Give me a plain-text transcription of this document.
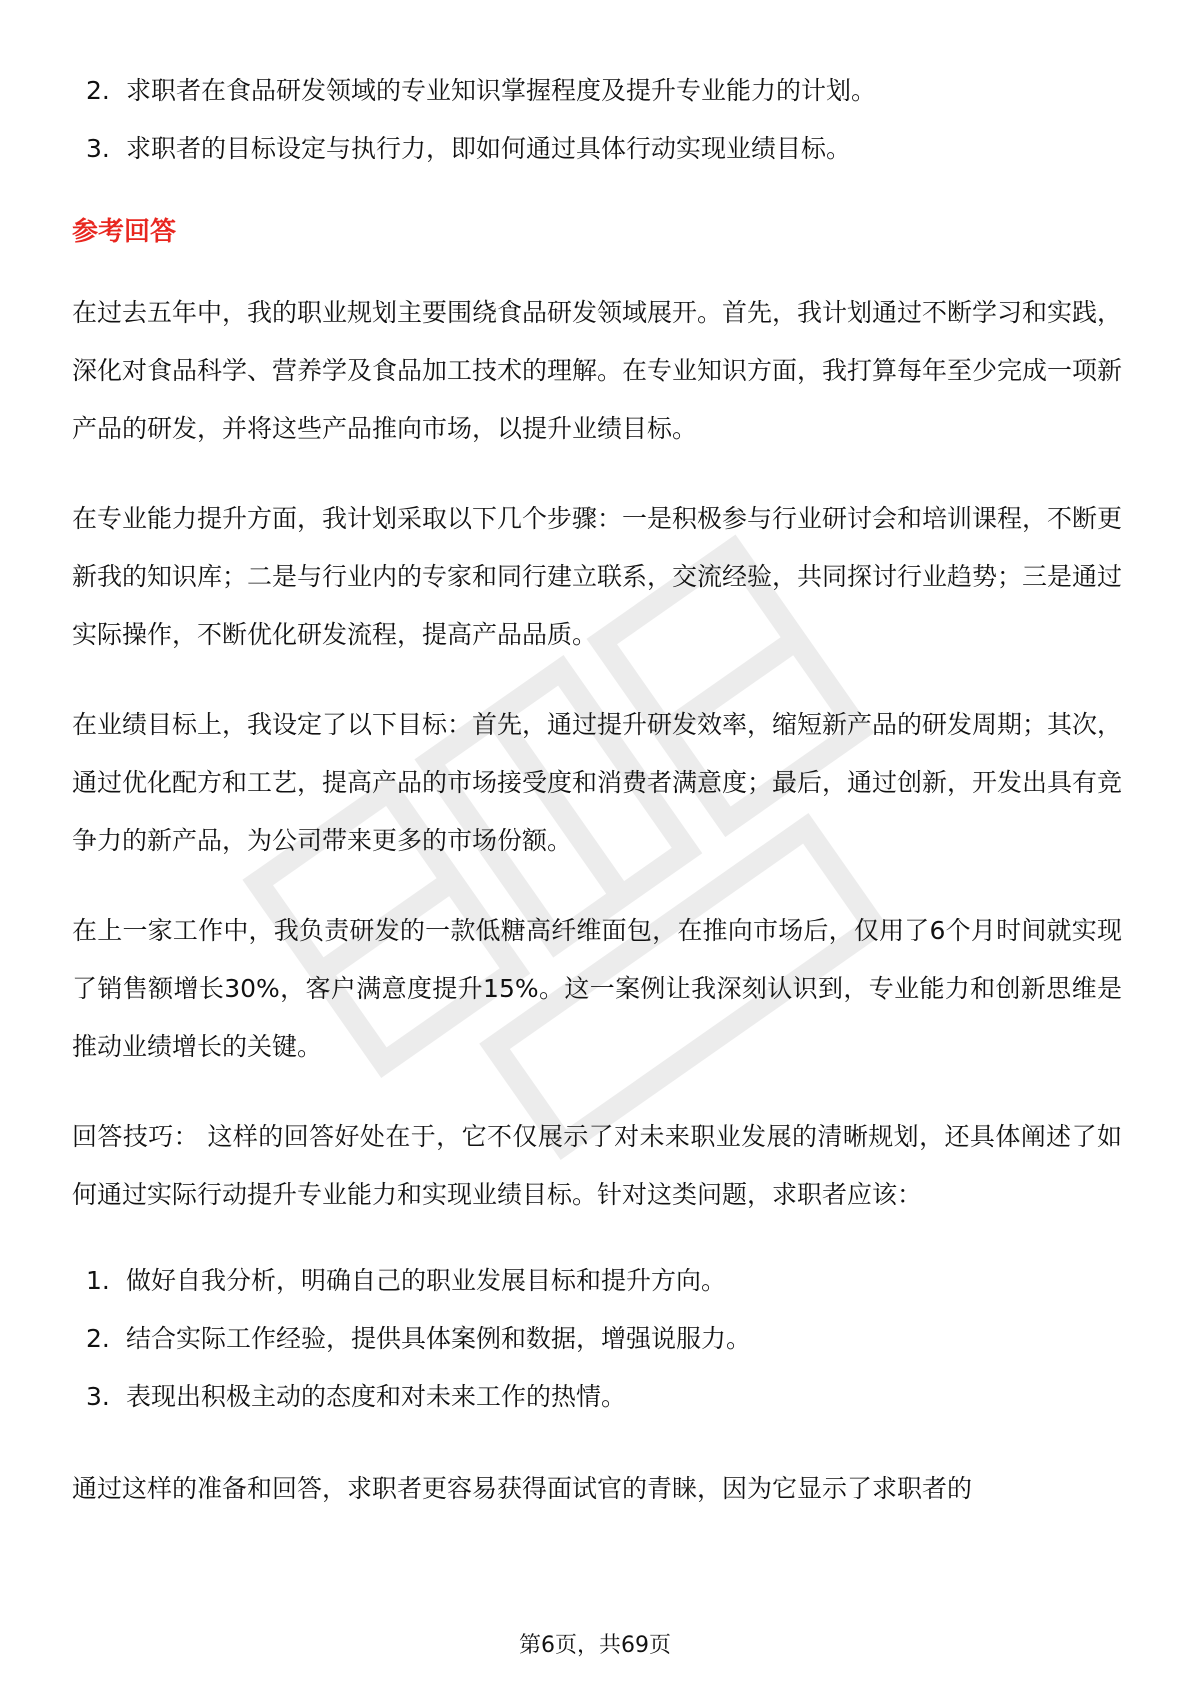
2. 求职者在食品研发领域的专业知识掌握程度及提升专业能力的计划。
3. 求职者的目标设定与执行力，即如何通过具体行动实现业绩目标。
参考回答

在过去五年中，我的职业规划主要围绕食品研发领域展开。首先，我计划通过不断学习和实践，深化对食品科学、营养学及食品加工技术的理解。在专业知识方面，我打算每年至少完成一项新产品的研发，并将这些产品推向市场，以提升业绩目标。

在专业能力提升方面，我计划采取以下几个步骤：一是积极参与行业研讨会和培训课程，不断更新我的知识库；二是与行业内的专家和同行建立联系，交流经验，共同探讨行业趋势；三是通过实际操作，不断优化研发流程，提高产品品质。

在业绩目标上，我设定了以下目标：首先，通过提升研发效率，缩短新产品的研发周期；其次，通过优化配方和工艺，提高产品的市场接受度和消费者满意度；最后，通过创新，开发出具有竞争力的新产品，为公司带来更多的市场份额。

在上一家工作中，我负责研发的一款低糖高纤维面包，在推向市场后，仅用了6个月时间就实现了销售额增长30%，客户满意度提升15%。这一案例让我深刻认识到，专业能力和创新思维是推动业绩增长的关键。

回答技巧： 这样的回答好处在于，它不仅展示了对未来职业发展的清晰规划，还具体阐述了如何通过实际行动提升专业能力和实现业绩目标。针对这类问题，求职者应该：

1. 做好自我分析，明确自己的职业发展目标和提升方向。
2. 结合实际工作经验，提供具体案例和数据，增强说服力。
3. 表现出积极主动的态度和对未来工作的热情。

通过这样的准备和回答，求职者更容易获得面试官的青睐，因为它显示了求职者的

第6页，共69页
